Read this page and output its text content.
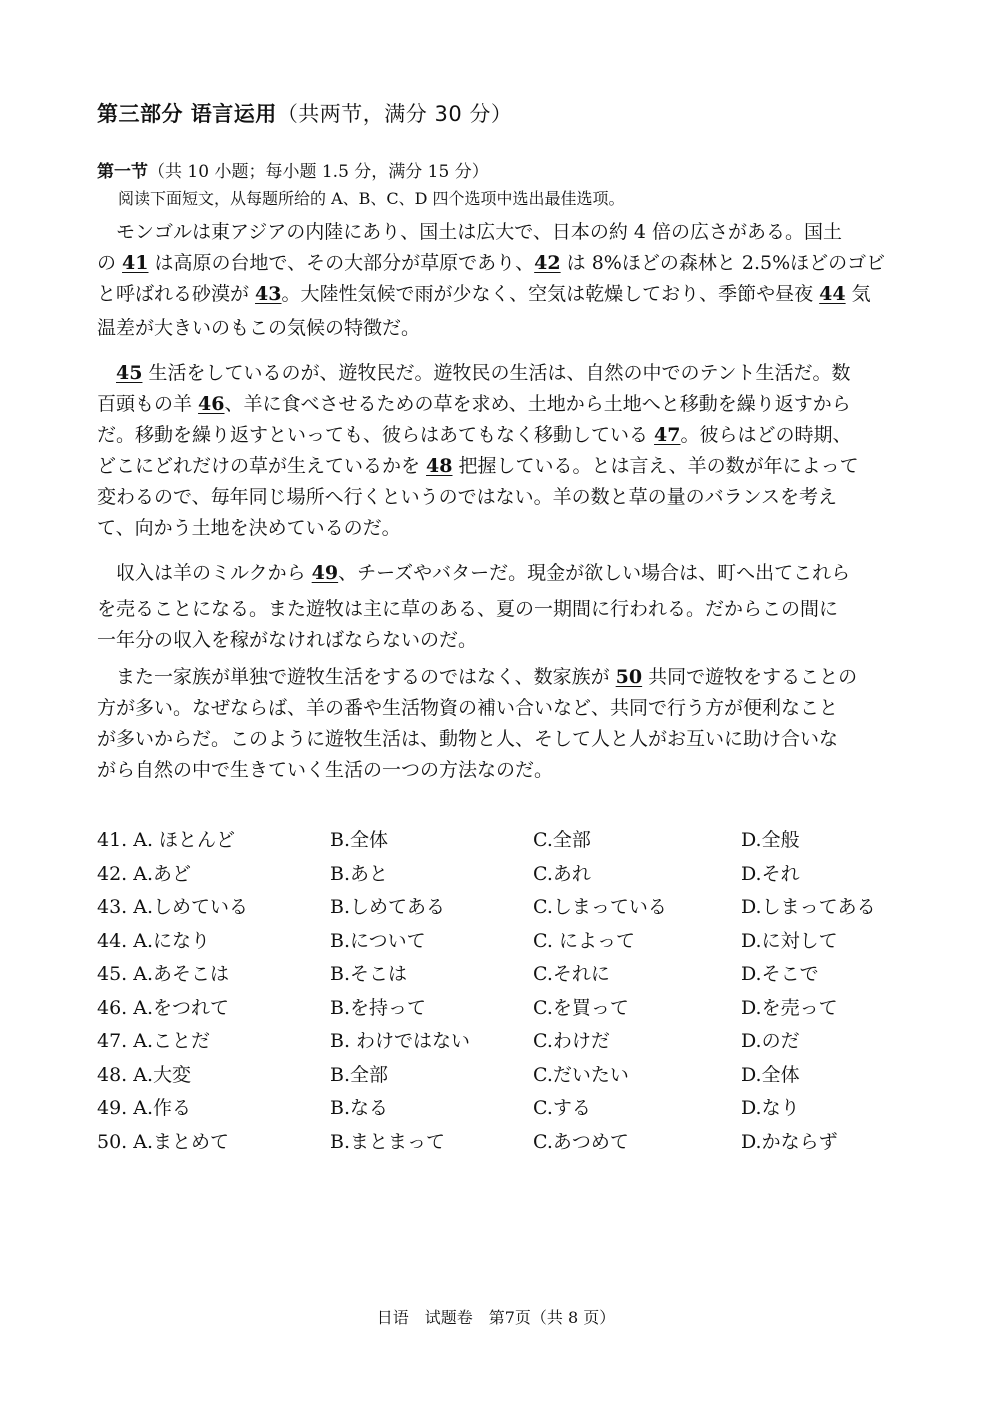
第三部分 语言运用（共两节，满分 30 分）
第一节（共 10 小题；每小题 1.5 分，满分 15 分）
阅读下面短文，从每题所给的 A、B、C、D 四个选项中选出最佳选项。
モンゴルは東アジアの内陸にあり、国土は広大で、日本の約 4 倍の広さがある。国土
の 41 は高原の台地で、その大部分が草原であり、42 は 8%ほどの森林と 2.5%ほどのゴビ
と呼ばれる砂漠が 43。大陸性気候で雨が少なく、空気は乾燥しており、季節や昼夜 44 気
温差が大きいのもこの気候の特徴だ。
45 生活をしているのが、遊牧民だ。遊牧民の生活は、自然の中でのテント生活だ。数
百頭もの羊 46、羊に食べさせるための草を求め、土地から土地へと移動を繰り返すから
だ。移動を繰り返すといっても、彼らはあてもなく移動している 47。彼らはどの時期、
どこにどれだけの草が生えているかを 48 把握している。とは言え、羊の数が年によって
変わるので、毎年同じ場所へ行くというのではない。羊の数と草の量のバランスを考え
て、向かう土地を決めているのだ。
収入は羊のミルクから 49、チーズやバターだ。現金が欲しい場合は、町へ出てこれら
を売ることになる。また遊牧は主に草のある、夏の一期間に行われる。だからこの間に
一年分の収入を稼がなければならないのだ。
また一家族が単独で遊牧生活をするのではなく、数家族が 50 共同で遊牧をすることの
方が多い。なぜならば、羊の番や生活物資の補い合いなど、共同で行う方が便利なこと
が多いからだ。このように遊牧生活は、動物と人、そして人と人がお互いに助け合いな
がら自然の中で生きていく生活の一つの方法なのだ。
41. A. ほとんど	B.全体	C.全部	D.全般
42. A.あど	B.あと	C.あれ	D.それ
43. A.しめている	B.しめてある	C.しまっている	D.しまってある
44. A.になり	B.について	C. によって	D.に対して
45. A.あそこは	B.そこは	C.それに	D.そこで
46. A.をつれて	B.を持って	C.を買って	D.を売って
47. A.ことだ	B. わけではない	C.わけだ	D.のだ
48. A.大変	B.全部	C.だいたい	D.全体
49. A.作る	B.なる	C.する	D.なり
50. A.まとめて	B.まとまって	C.あつめて	D.かならず
日语　试题卷　第7页（共 8 页）
